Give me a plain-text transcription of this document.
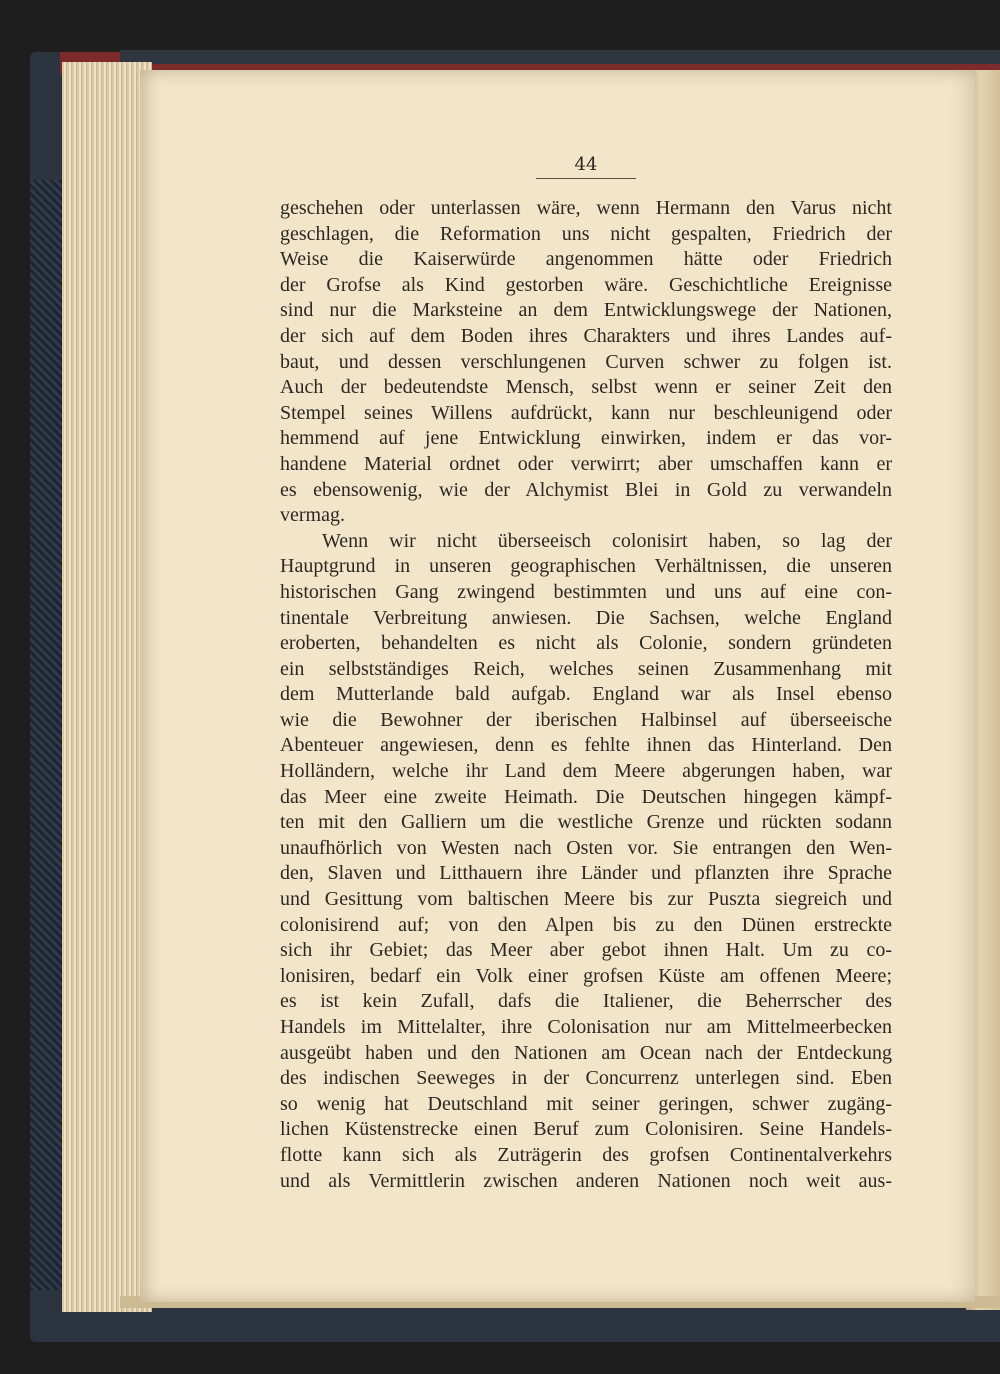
44
geschehen oder unterlassen wäre, wenn Hermann den Varus nicht
geschlagen, die Reformation uns nicht gespalten, Friedrich der
Weise die Kaiserwürde angenommen hätte oder Friedrich
der Grofse als Kind gestorben wäre. Geschichtliche Ereignisse
sind nur die Marksteine an dem Entwicklungswege der Nationen,
der sich auf dem Boden ihres Charakters und ihres Landes auf-
baut, und dessen verschlungenen Curven schwer zu folgen ist.
Auch der bedeutendste Mensch, selbst wenn er seiner Zeit den
Stempel seines Willens aufdrückt, kann nur beschleunigend oder
hemmend auf jene Entwicklung einwirken, indem er das vor-
handene Material ordnet oder verwirrt; aber umschaffen kann er
es ebensowenig, wie der Alchymist Blei in Gold zu verwandeln
vermag.
Wenn wir nicht überseeisch colonisirt haben, so lag der
Hauptgrund in unseren geographischen Verhältnissen, die unseren
historischen Gang zwingend bestimmten und uns auf eine con-
tinentale Verbreitung anwiesen. Die Sachsen, welche England
eroberten, behandelten es nicht als Colonie, sondern gründeten
ein selbstständiges Reich, welches seinen Zusammenhang mit
dem Mutterlande bald aufgab. England war als Insel ebenso
wie die Bewohner der iberischen Halbinsel auf überseeische
Abenteuer angewiesen, denn es fehlte ihnen das Hinterland. Den
Holländern, welche ihr Land dem Meere abgerungen haben, war
das Meer eine zweite Heimath. Die Deutschen hingegen kämpf-
ten mit den Galliern um die westliche Grenze und rückten sodann
unaufhörlich von Westen nach Osten vor. Sie entrangen den Wen-
den, Slaven und Litthauern ihre Länder und pflanzten ihre Sprache
und Gesittung vom baltischen Meere bis zur Puszta siegreich und
colonisirend auf; von den Alpen bis zu den Dünen erstreckte
sich ihr Gebiet; das Meer aber gebot ihnen Halt. Um zu co-
lonisiren, bedarf ein Volk einer grofsen Küste am offenen Meere;
es ist kein Zufall, dafs die Italiener, die Beherrscher des
Handels im Mittelalter, ihre Colonisation nur am Mittelmeerbecken
ausgeübt haben und den Nationen am Ocean nach der Entdeckung
des indischen Seeweges in der Concurrenz unterlegen sind. Eben
so wenig hat Deutschland mit seiner geringen, schwer zugäng-
lichen Küstenstrecke einen Beruf zum Colonisiren. Seine Handels-
flotte kann sich als Zuträgerin des grofsen Continentalverkehrs
und als Vermittlerin zwischen anderen Nationen noch weit aus-
